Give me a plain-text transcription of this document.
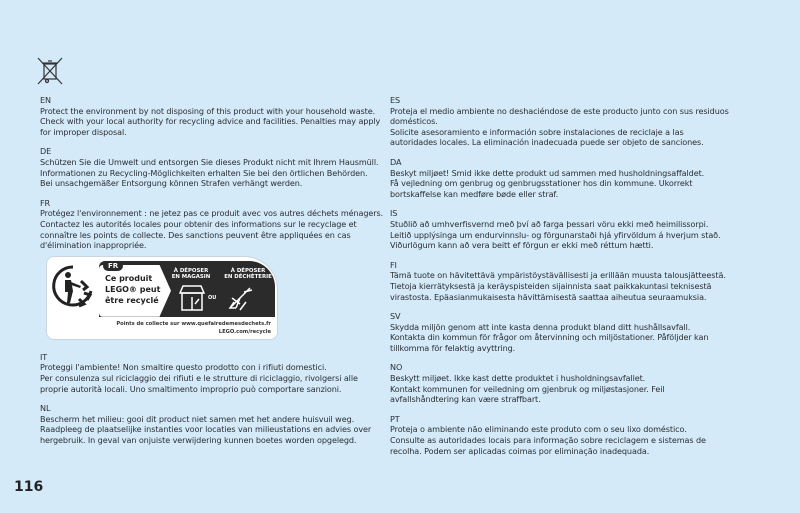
EN
Protect the environment by not disposing of this product with your household waste.
Check with your local authority for recycling advice and facilities. Penalties may apply
for improper disposal.
DE
Schützen Sie die Umwelt und entsorgen Sie dieses Produkt nicht mit Ihrem Hausmüll.
Informationen zu Recycling-Möglichkeiten erhalten Sie bei den örtlichen Behörden.
Bei unsachgemäßer Entsorgung können Strafen verhängt werden.
FR
Protégez l'environnement : ne jetez pas ce produit avec vos autres déchets ménagers.
Contactez les autorités locales pour obtenir des informations sur le recyclage et
connaître les points de collecte. Des sanctions peuvent être appliquées en cas
d'élimination inappropriée.
FR
Ce produit
LEGO® peut
être recyclé
À DÉPOSER
EN MAGASIN
À DÉPOSER
EN DÉCHÈTERIE
OU
Points de collecte sur www.quefairedemesdechets.fr
LEGO.com/recycle
IT
Proteggi l'ambiente! Non smaltire questo prodotto con i rifiuti domestici.
Per consulenza sul riciclaggio dei rifiuti e le strutture di riciclaggio, rivolgersi alle
proprie autorità locali. Uno smaltimento improprio può comportare sanzioni.
NL
Bescherm het milieu: gooi dit product niet samen met het andere huisvuil weg.
Raadpleeg de plaatselijke instanties voor locaties van milieustations en advies over
hergebruik. In geval van onjuiste verwijdering kunnen boetes worden opgelegd.
ES
Proteja el medio ambiente no deshaciéndose de este producto junto con sus residuos
domésticos.
Solicite asesoramiento e información sobre instalaciones de reciclaje a las
autoridades locales. La eliminación inadecuada puede ser objeto de sanciones.
DA
Beskyt miljøet! Smid ikke dette produkt ud sammen med husholdningsaffaldet.
Få vejledning om genbrug og genbrugsstationer hos din kommune. Ukorrekt
bortskaffelse kan medføre bøde eller straf.
IS
Stuðlið að umhverfisvernd með því að farga þessari vöru ekki með heimilissorpi.
Leitið upplýsinga um endurvinnslu- og förgunarstaði hjá yfirvöldum á hverjum stað.
Viðurlögum kann að vera beitt ef förgun er ekki með réttum hætti.
FI
Tämä tuote on hävitettävä ympäristöystävällisesti ja erillään muusta talousjätteestä.
Tietoja kierrätyksestä ja keräyspisteiden sijainnista saat paikkakuntasi teknisestä
virastosta. Epäasianmukaisesta hävittämisestä saattaa aiheutua seuraamuksia.
SV
Skydda miljön genom att inte kasta denna produkt bland ditt hushållsavfall.
Kontakta din kommun för frågor om återvinning och miljöstationer. Påföljder kan
tillkomma för felaktig avyttring.
NO
Beskytt miljøet. Ikke kast dette produktet i husholdningsavfallet.
Kontakt kommunen for veiledning om gjenbruk og miljøstasjoner. Feil
avfallshåndtering kan være straffbart.
PT
Proteja o ambiente não eliminando este produto com o seu lixo doméstico.
Consulte as autoridades locais para informação sobre reciclagem e sistemas de
recolha. Podem ser aplicadas coimas por eliminação inadequada.
116
